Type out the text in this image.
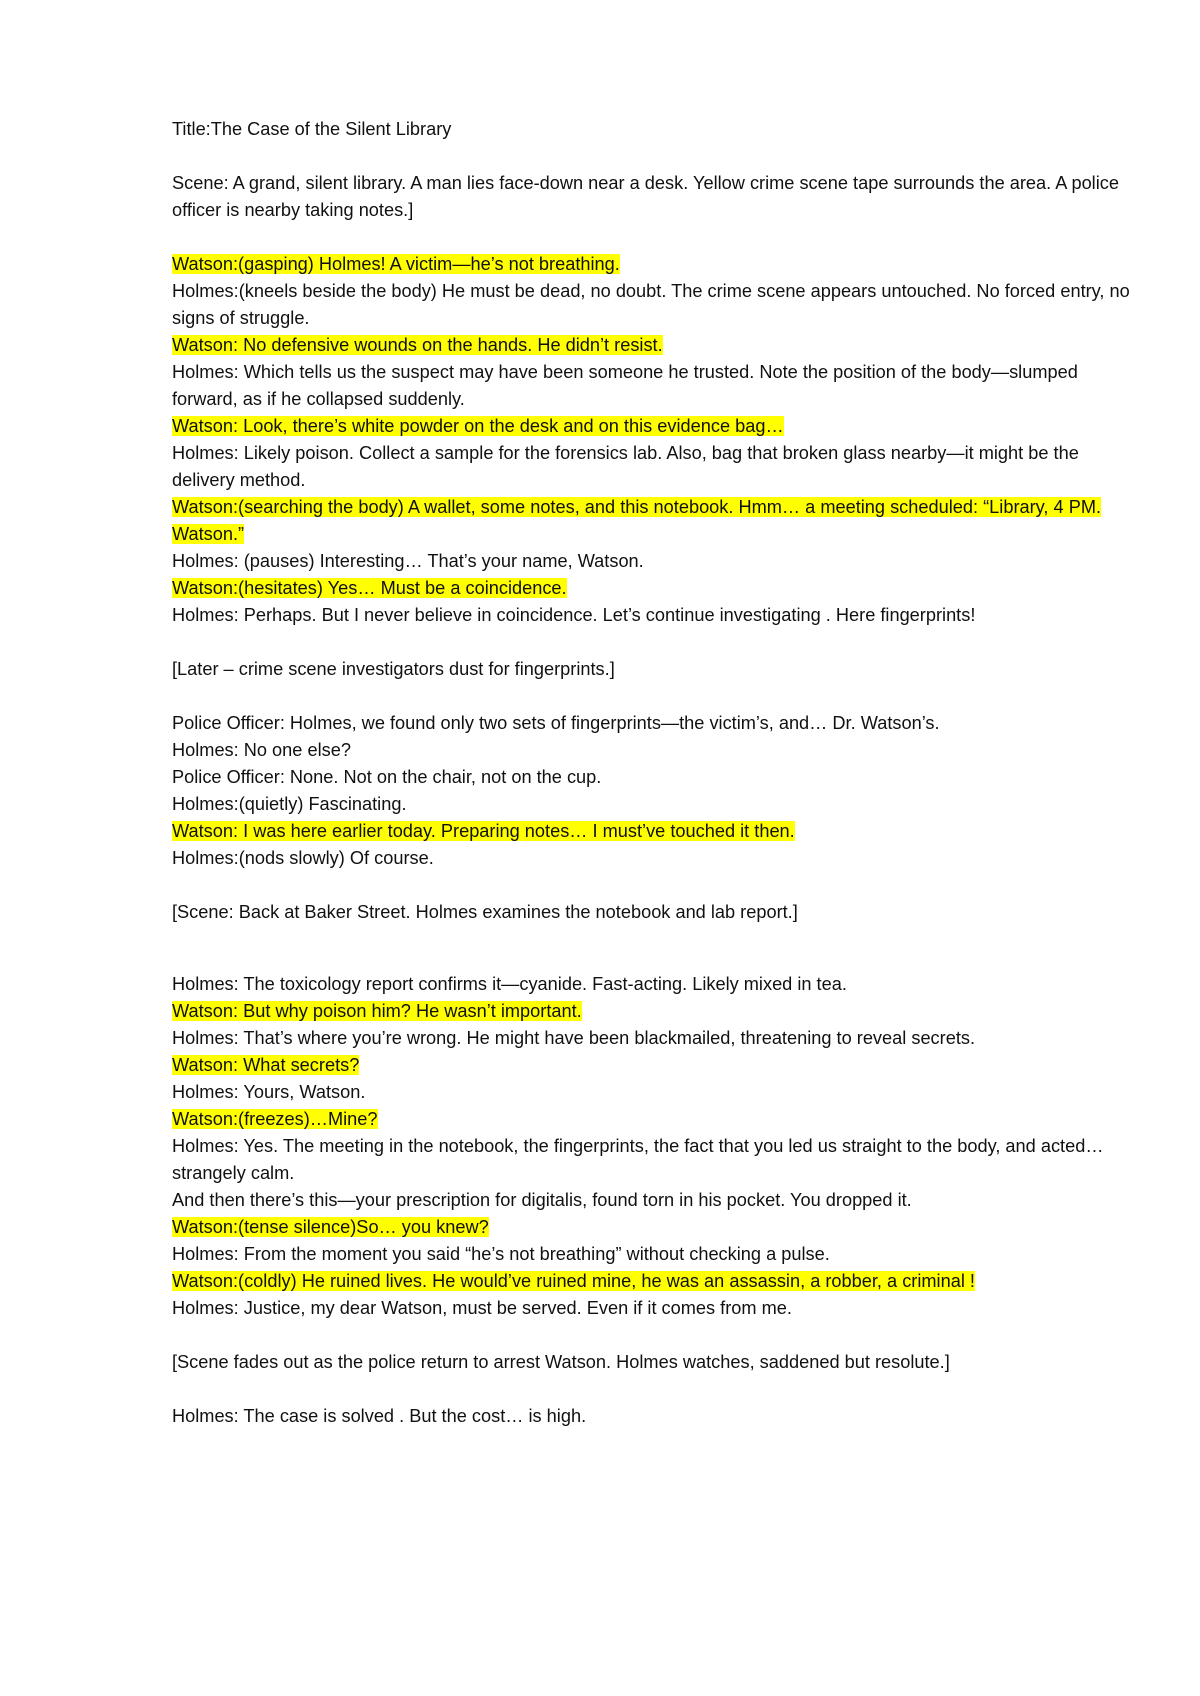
Title:The Case of the Silent Library

Scene: A grand, silent library. A man lies face-down near a desk. Yellow crime scene tape surrounds the area. A police officer is nearby taking notes.]

Watson:(gasping) Holmes! A victim—he’s not breathing.

Holmes:(kneels beside the body) He must be dead, no doubt. The crime scene appears untouched. No forced entry, no signs of struggle.

Watson: No defensive wounds on the hands. He didn’t resist.

Holmes: Which tells us the suspect may have been someone he trusted. Note the position of the body—slumped forward, as if he collapsed suddenly.

Watson: Look, there’s white powder on the desk and on this evidence bag…

Holmes: Likely poison. Collect a sample for the forensics lab. Also, bag that broken glass nearby—it might be the delivery method.

Watson:(searching the body) A wallet, some notes, and this notebook. Hmm… a meeting scheduled: “Library, 4 PM. Watson.”

Holmes: (pauses) Interesting… That’s your name, Watson.

Watson:(hesitates) Yes… Must be a coincidence.

Holmes: Perhaps. But I never believe in coincidence. Let’s continue investigating . Here fingerprints!

[Later – crime scene investigators dust for fingerprints.]

Police Officer: Holmes, we found only two sets of fingerprints—the victim’s, and… Dr. Watson’s.

Holmes: No one else?

Police Officer: None. Not on the chair, not on the cup.

Holmes:(quietly) Fascinating.

Watson: I was here earlier today. Preparing notes… I must’ve touched it then.

Holmes:(nods slowly) Of course.

[Scene: Back at Baker Street. Holmes examines the notebook and lab report.]

Holmes: The toxicology report confirms it—cyanide. Fast-acting. Likely mixed in tea.

Watson: But why poison him? He wasn’t important.

Holmes: That’s where you’re wrong. He might have been blackmailed, threatening to reveal secrets.

Watson: What secrets?

Holmes: Yours, Watson.

Watson:(freezes)…Mine?

Holmes: Yes. The meeting in the notebook, the fingerprints, the fact that you led us straight to the body, and acted… strangely calm.

And then there’s this—your prescription for digitalis, found torn in his pocket. You dropped it.

Watson:(tense silence)So… you knew?

Holmes: From the moment you said “he’s not breathing” without checking a pulse.

Watson:(coldly) He ruined lives. He would’ve ruined mine, he was an assassin, a robber, a criminal !

Holmes: Justice, my dear Watson, must be served. Even if it comes from me.

[Scene fades out as the police return to arrest Watson. Holmes watches, saddened but resolute.]

Holmes: The case is solved . But the cost… is high.
